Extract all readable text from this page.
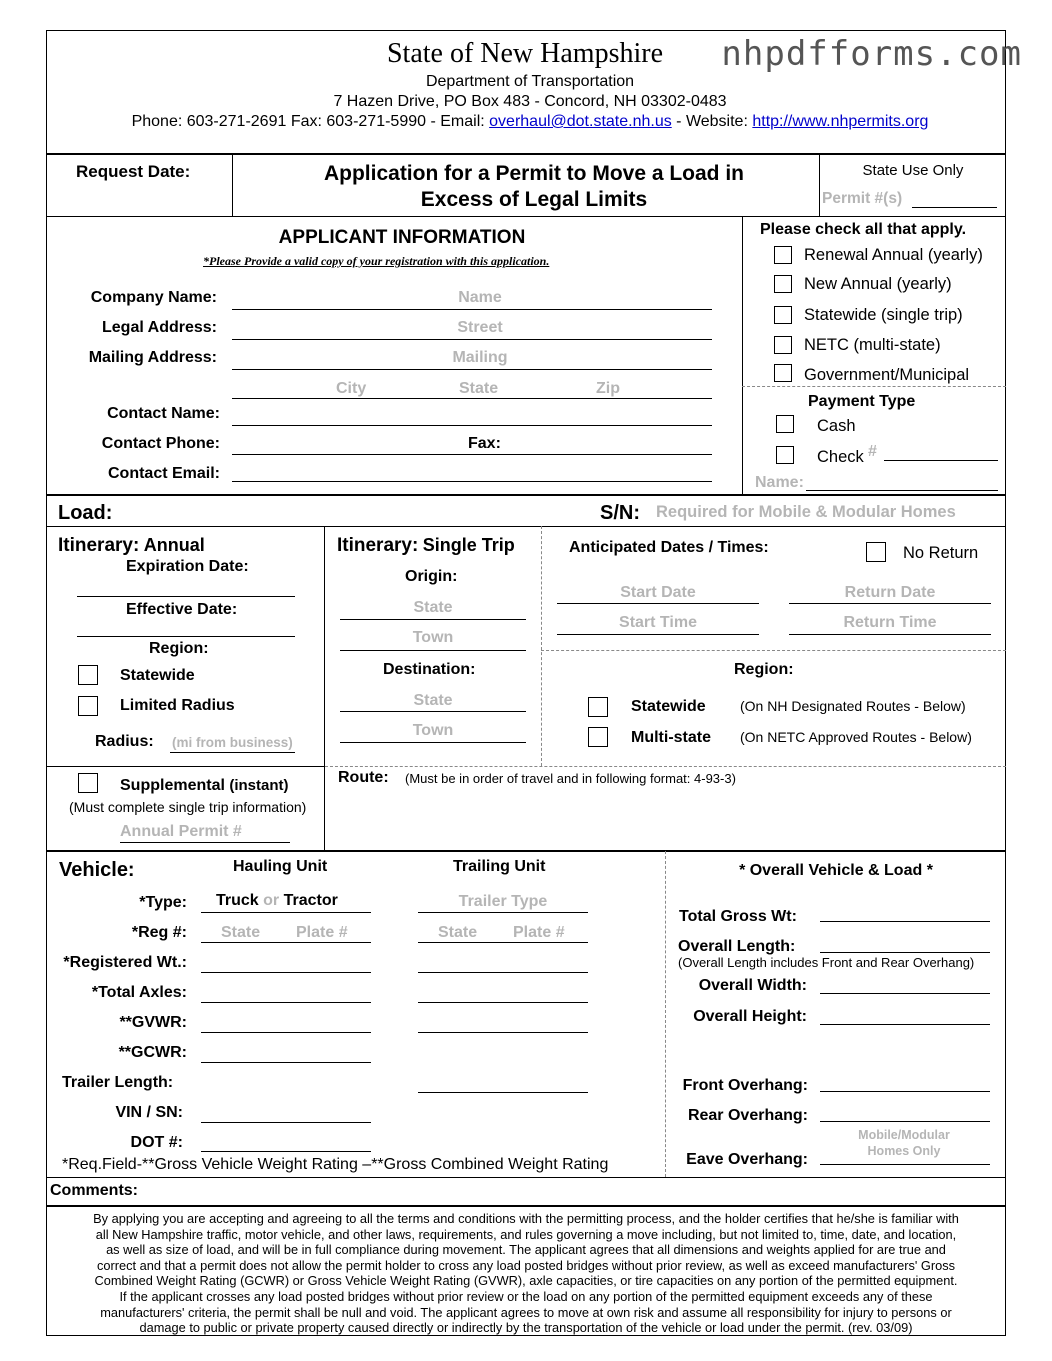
nhpdfforms.com
State of New Hampshire
Department of Transportation
7 Hazen Drive, PO Box 483 - Concord, NH 03302-0483
Phone: 603-271-2691 Fax: 603-271-5990 - Email: overhaul@dot.state.nh.us - Website: http://www.nhpermits.org
Request Date:	Application for a Permit to Move a Load in
Excess of Legal Limits
State Use Only
Permit #(s)
APPLICANT INFORMATION
*Please Provide a valid copy of your registration with this application.
Company Name:	Name
Legal Address:	Street
Mailing Address:	Mailing
City	State	Zip
Contact Name:
Contact Phone:	Fax:
Contact Email:
Please check all that apply.
Renewal Annual (yearly)
New Annual (yearly)
Statewide (single trip)
NETC (multi-state)
Government/Municipal
Payment Type
Cash
Check #
Name:
Load:	S/N: Required for Mobile & Modular Homes
Itinerary: Annual
Expiration Date:
Effective Date:
Region:
Statewide
Limited Radius
Radius: (mi from business)
Itinerary: Single Trip
Origin:
State
Town
Destination:
State
Town
Anticipated Dates / Times:	No Return
Start Date	Return Date
Start Time	Return Time
Region:
Statewide (On NH Designated Routes - Below)
Multi-state (On NETC Approved Routes - Below)
Supplemental (instant)
(Must complete single trip information)
Annual Permit #
Route: (Must be in order of travel and in following format: 4-93-3)
Vehicle:	Hauling Unit	Trailing Unit
*Type: Truck or Tractor	Trailer Type
*Reg #: State Plate #	State Plate #
*Registered Wt.:
*Total Axles:
**GVWR:
**GCWR:
Trailer Length:
VIN / SN:
DOT #:
*Req.Field-**Gross Vehicle Weight Rating –**Gross Combined Weight Rating
* Overall Vehicle & Load *
Total Gross Wt:
Overall Length:
(Overall Length includes Front and Rear Overhang)
Overall Width:
Overall Height:
Front Overhang:
Rear Overhang:
Mobile/Modular
Homes Only
Eave Overhang:
Comments:
By applying you are accepting and agreeing to all the terms and conditions with the permitting process, and the holder certifies that he/she is familiar with
all New Hampshire traffic, motor vehicle, and other laws, requirements, and rules governing a move including, but not limited to, time, date, and location,
as well as size of load, and will be in full compliance during movement. The applicant agrees that all dimensions and weights applied for are true and
correct and that a permit does not allow the permit holder to cross any load posted bridges without prior review, as well as exceed manufacturers' Gross
Combined Weight Rating (GCWR) or Gross Vehicle Weight Rating (GVWR), axle capacities, or tire capacities on any portion of the permitted equipment.
If the applicant crosses any load posted bridges without prior review or the load on any portion of the permitted equipment exceeds any of these
manufacturers' criteria, the permit shall be null and void. The applicant agrees to move at own risk and assume all responsibility for injury to persons or
damage to public or private property caused directly or indirectly by the transportation of the vehicle or load under the permit. (rev. 03/09)
